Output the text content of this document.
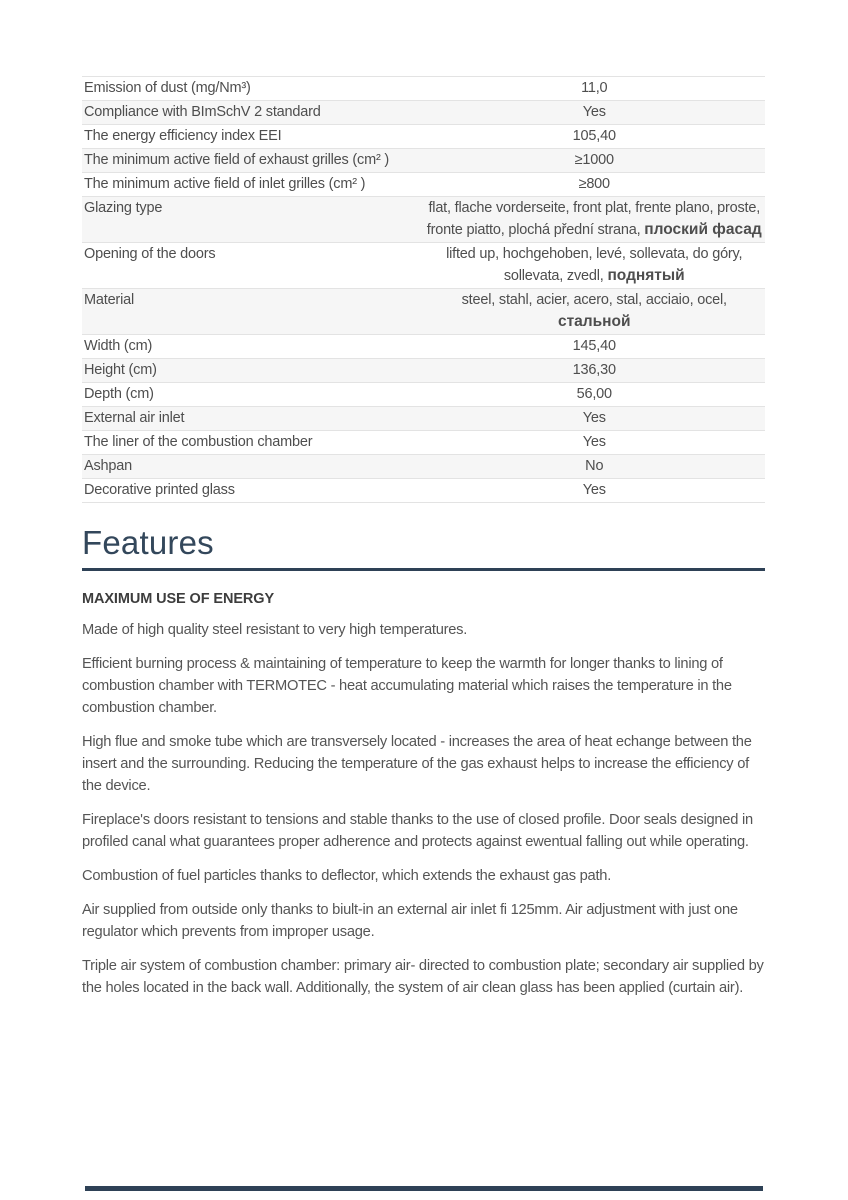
Emission of dust (mg/Nm³)	11,0
Compliance with BImSchV 2 standard	Yes
The energy efficiency index EEI	105,40
The minimum active field of exhaust grilles (cm² )	≥1000
The minimum active field of inlet grilles (cm² )	≥800
Glazing type	flat, flache vorderseite, front plat, frente plano, proste, fronte piatto, plochá přední strana, плоский фасад
Opening of the doors	lifted up, hochgehoben, levé, sollevata, do góry, sollevata, zvedl, поднятый
Material	steel, stahl, acier, acero, stal, acciaio, ocel, стальной
Width (cm)	145,40
Height (cm)	136,30
Depth (cm)	56,00
External air inlet	Yes
The liner of the combustion chamber	Yes
Ashpan	No
Decorative printed glass	Yes
Features
MAXIMUM USE OF ENERGY

Made of high quality steel resistant to very high temperatures.

Efficient burning process & maintaining of temperature to keep the warmth for longer thanks to lining of combustion chamber with TERMOTEC - heat accumulating material which raises the temperature in the combustion chamber.

High flue and smoke tube which are transversely located - increases the area of heat echange between the insert and the surrounding. Reducing the temperature of the gas exhaust helps to increase the efficiency of the device.

Fireplace's doors resistant to tensions and stable thanks to the use of closed profile. Door seals designed in profiled canal what guarantees proper adherence and protects against ewentual falling out while operating.

Combustion of fuel particles thanks to deflector, which extends the exhaust gas path.

Air supplied from outside only thanks to biult-in an external air inlet fi 125mm. Air adjustment with just one regulator which prevents from improper usage.

Triple air system of combustion chamber: primary air- directed to combustion plate; secondary air supplied by the holes located in the back wall. Additionally, the system of air clean glass has been applied (curtain air).
